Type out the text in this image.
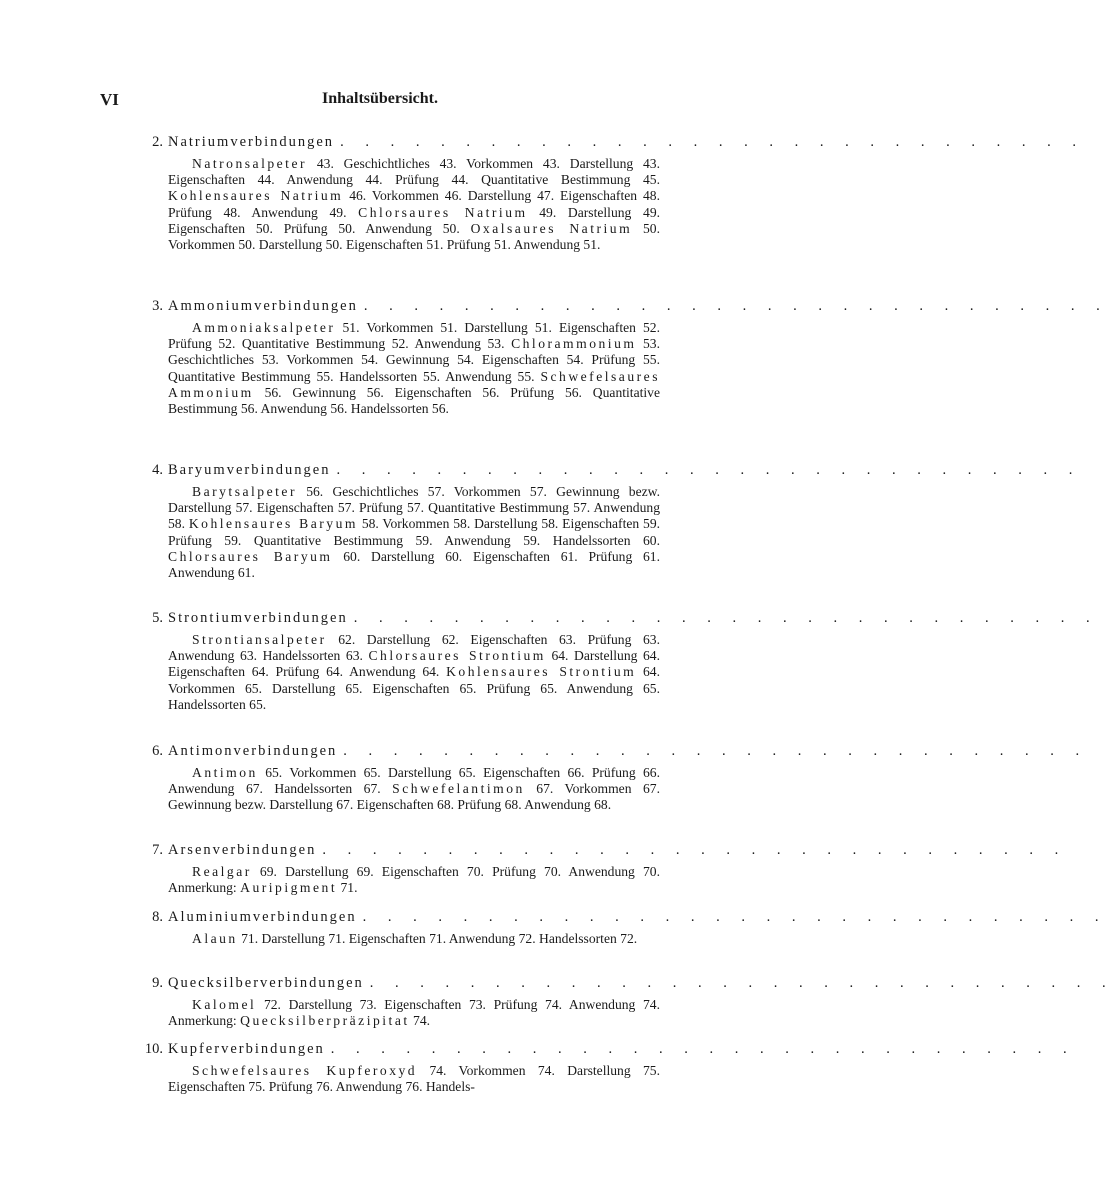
VI	Inhaltsübersicht.
2. Natriumverbindungen . . . . . . . . . . . . . . . . . . . . . . . . . . . . . .
Natronsalpeter 43. Geschichtliches 43. Vorkommen 43. Darstellung 43. Eigenschaften 44. Anwendung 44. Prüfung 44. Quantitative Bestimmung 45. Kohlensaures Natrium 46. Vorkommen 46. Darstellung 47. Eigenschaften 48. Prüfung 48. Anwendung 49. Chlorsaures Natrium 49. Darstellung 49. Eigenschaften 50. Prüfung 50. Anwendung 50. Oxalsaures Natrium 50. Vorkommen 50. Darstellung 50. Eigenschaften 51. Prüfung 51. Anwendung 51.
3. Ammoniumverbindungen . . . . . . . . . . . . . . . . . . . . . . . . . . . . . .
Ammoniaksalpeter 51. Vorkommen 51. Darstellung 51. Eigenschaften 52. Prüfung 52. Quantitative Bestimmung 52. Anwendung 53. Chlorammonium 53. Geschichtliches 53. Vorkommen 54. Gewinnung 54. Eigenschaften 54. Prüfung 55. Quantitative Bestimmung 55. Handelssorten 55. Anwendung 55. Schwefelsaures Ammonium 56. Gewinnung 56. Eigenschaften 56. Prüfung 56. Quantitative Bestimmung 56. Anwendung 56. Handelssorten 56.
4. Baryumverbindungen . . . . . . . . . . . . . . . . . . . . . . . . . . . . . .
Barytsalpeter 56. Geschichtliches 57. Vorkommen 57. Gewinnung bezw. Darstellung 57. Eigenschaften 57. Prüfung 57. Quantitative Bestimmung 57. Anwendung 58. Kohlensaures Baryum 58. Vorkommen 58. Darstellung 58. Eigenschaften 59. Prüfung 59. Quantitative Bestimmung 59. Anwendung 59. Handelssorten 60. Chlorsaures Baryum 60. Darstellung 60. Eigenschaften 61. Prüfung 61. Anwendung 61.
5. Strontiumverbindungen . . . . . . . . . . . . . . . . . . . . . . . . . . . . . .
Strontiansalpeter 62. Darstellung 62. Eigenschaften 63. Prüfung 63. Anwendung 63. Handelssorten 63. Chlorsaures Strontium 64. Darstellung 64. Eigenschaften 64. Prüfung 64. Anwendung 64. Kohlensaures Strontium 64. Vorkommen 65. Darstellung 65. Eigenschaften 65. Prüfung 65. Anwendung 65. Handelssorten 65.
6. Antimonverbindungen . . . . . . . . . . . . . . . . . . . . . . . . . . . . . .
Antimon 65. Vorkommen 65. Darstellung 65. Eigenschaften 66. Prüfung 66. Anwendung 67. Handelssorten 67. Schwefelantimon 67. Vorkommen 67. Gewinnung bezw. Darstellung 67. Eigenschaften 68. Prüfung 68. Anwendung 68.
7. Arsenverbindungen . . . . . . . . . . . . . . . . . . . . . . . . . . . . . .
Realgar 69. Darstellung 69. Eigenschaften 70. Prüfung 70. Anwendung 70. Anmerkung: Auripigment 71.
8. Aluminiumverbindungen . . . . . . . . . . . . . . . . . . . . . . . . . . . . . .
Alaun 71. Darstellung 71. Eigenschaften 71. Anwendung 72. Handelssorten 72.
9. Quecksilberverbindungen . . . . . . . . . . . . . . . . . . . . . . . . . . . . . .
Kalomel 72. Darstellung 73. Eigenschaften 73. Prüfung 74. Anwendung 74. Anmerkung: Quecksilberpräzipitat 74.
10. Kupferverbindungen . . . . . . . . . . . . . . . . . . . . . . . . . . . . . .
Schwefelsaures Kupferoxyd 74. Vorkommen 74. Darstellung 75. Eigenschaften 75. Prüfung 76. Anwendung 76. Handels-
